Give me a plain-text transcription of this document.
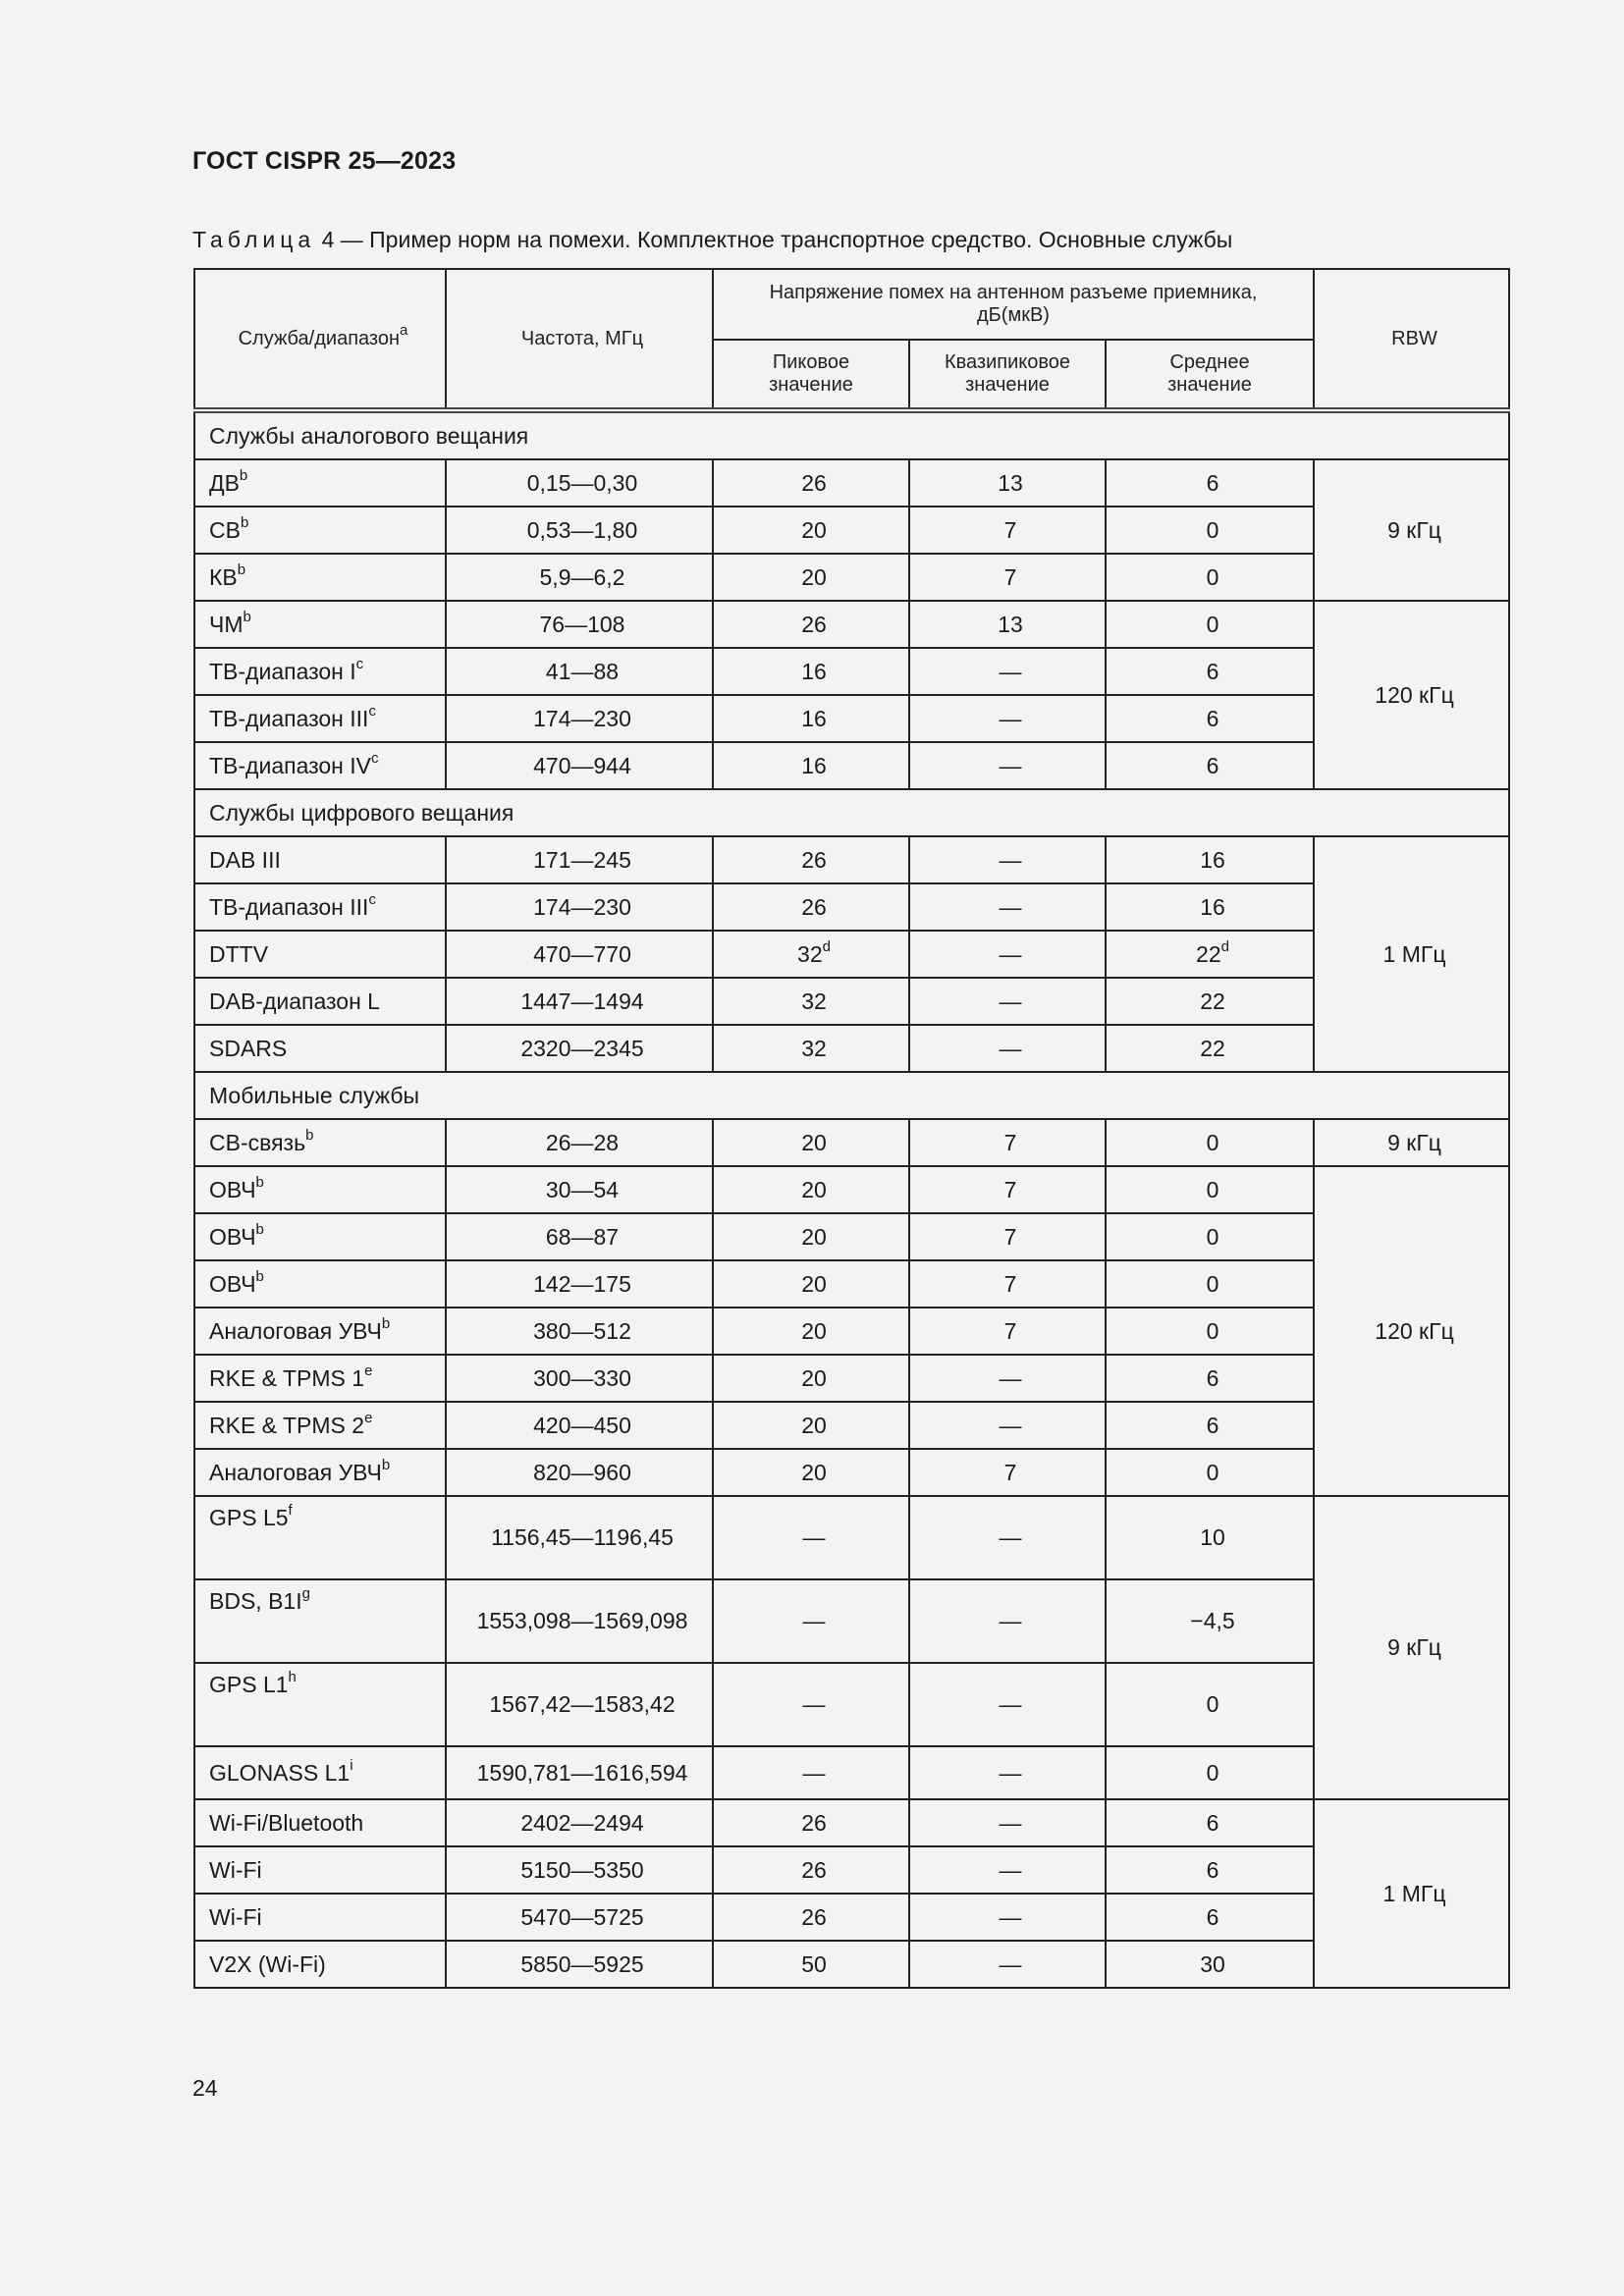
ГОСТ CISPR 25—2023
Таблица 4 — Пример норм на помехи. Комплектное транспортное средство. Основные службы
Служба/диапазон$^a$	Частота, МГц	Напряжение помех на антенном разъеме приемника, дБ(мкВ)			RBW
		Пиковое значение	Квазипиковое значение	Среднее значение	
Службы аналогового вещания					
$ДВ^b$	0,15—0,30	26	13	6	9 кГц
$СВ^b$	0,53—1,80	20	7	0	
$КВ^b$	5,9—6,2	20	7	0	
$ЧМ^b$	76—108	26	13	0	120 кГц
ТВ-диапазон $I^c$	41—88	16	—	6	
ТВ-диапазон III$^c$	174—230	16	—	6	
ТВ-диапазон $IV^c$	470—944	16	—	6	
Службы цифрового вещания					
DAB III	171—245	26	—	16	1 МГц
ТВ-диапазон III$^c$	174—230	26	—	16	
DTTV	470—770	32$^d$	—	22$^d$
DAB-диапазон L	1447—1494	32	—	22	
SDARS	2320—2345	32	—	22	
Мобильные службы					
СВ-связь$^b$	26—28	20	7	0	9 кГц
ОВЧ$^b$	30—54	20	7	0	120 кГц
ОВЧ$^b$	68—87	20	7	0	
ОВЧ$^b$	142—175	20	7	0	
Аналоговая УВЧ$^b$	380—512	20	7	0	
RKE & TPMS 1e	300—330	20	—	6	
RKE & TPMS 2e	420—450	20	—	6	
Аналоговая УВЧ$^b$	820—960	20	7	0	
GPS L5$^f$	1156,45—1196,45	—	—	10	9 кГц
BDS, $B1I^g$	1553,098—1569,098	—	—	−4,5	
GPS L1$^h$	1567,42—1583,42	—	—	0	
GLONASS L1$^i$	1590,781—1616,594	—	—	0	
Wi-Fi/Bluetooth	2402—2494	26	—	6	1 МГц
Wi-Fi	5150—5350	26	—	6	
Wi-Fi	5470—5725	26	—	6	
V2X (Wi-Fi)	5850—5925	50	—	30	
24
